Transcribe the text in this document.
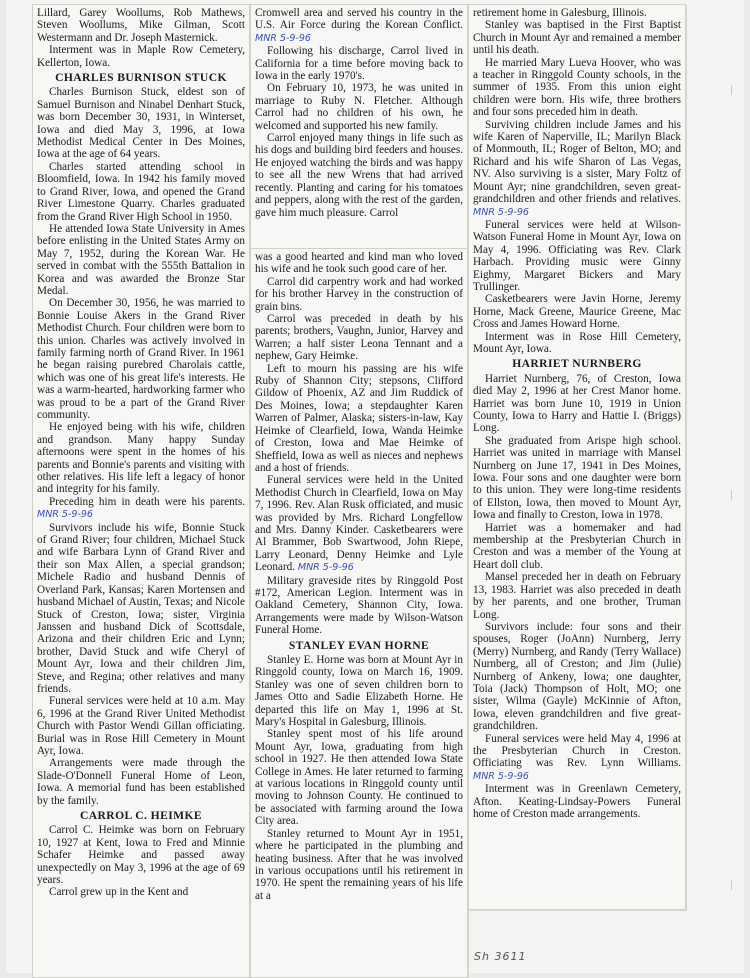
Lillard, Garey Woollums, Rob Mathews, Steven Woollums, Mike Gilman, Scott Westermann and Dr. Joseph Masternick.

Interment was in Maple Row Cemetery, Kellerton, Iowa.

CHARLES BURNISON STUCK

Charles Burnison Stuck, eldest son of Samuel Burnison and Ninabel Denhart Stuck, was born December 30, 1931, in Winterset, Iowa and died May 3, 1996, at Iowa Methodist Medical Center in Des Moines, Iowa at the age of 64 years.

Charles started attending school in Bloomfield, Iowa. In 1942 his family moved to Grand River, Iowa, and opened the Grand River Limestone Quarry. Charles graduated from the Grand River High School in 1950.

He attended Iowa State University in Ames before enlisting in the United States Army on May 7, 1952, during the Korean War. He served in combat with the 555th Battalion in Korea and was awarded the Bronze Star Medal.

On December 30, 1956, he was married to Bonnie Louise Akers in the Grand River Methodist Church. Four children were born to this union. Charles was actively involved in family farming north of Grand River. In 1961 he began raising purebred Charolais cattle, which was one of his great life's interests. He was a warm-hearted, hardworking farmer who was proud to be a part of the Grand River community.

He enjoyed being with his wife, children and grandson. Many happy Sunday afternoons were spent in the homes of his parents and Bonnie's parents and visiting with other relatives. His life left a legacy of honor and integrity for his family.

Preceding him in death were his parents. MNR 5-9-96

Survivors include his wife, Bonnie Stuck of Grand River; four children, Michael Stuck and wife Barbara Lynn of Grand River and their son Max Allen, a special grandson; Michele Radio and husband Dennis of Overland Park, Kansas; Karen Mortensen and husband Michael of Austin, Texas; and Nicole Stuck of Creston, Iowa; sister, Virginia Janssen and husband Dick of Scottsdale, Arizona and their children Eric and Lynn; brother, David Stuck and wife Cheryl of Mount Ayr, Iowa and their children Jim, Steve, and Regina; other relatives and many friends.

Funeral services were held at 10 a.m. May 6, 1996 at the Grand River United Methodist Church with Pastor Wendi Gillan officiating. Burial was in Rose Hill Cemetery in Mount Ayr, Iowa.

Arrangements were made through the Slade-O'Donnell Funeral Home of Leon, Iowa. A memorial fund has been established by the family.

CARROL C. HEIMKE

Carrol C. Heimke was born on February 10, 1927 at Kent, Iowa to Fred and Minnie Schafer Heimke and passed away unexpectedly on May 3, 1996 at the age of 69 years.

Carrol grew up in the Kent and

Cromwell area and served his country in the U.S. Air Force during the Korean Conflict. MNR 5-9-96

Following his discharge, Carrol lived in California for a time before moving back to Iowa in the early 1970's.

On February 10, 1973, he was united in marriage to Ruby N. Fletcher. Although Carrol had no children of his own, he welcomed and supported his new family.

Carrol enjoyed many things in life such as his dogs and building bird feeders and houses. He enjoyed watching the birds and was happy to see all the new Wrens that had arrived recently. Planting and caring for his tomatoes and peppers, along with the rest of the garden, gave him much pleasure. Carrol

was a good hearted and kind man who loved his wife and he took such good care of her.

Carrol did carpentry work and had worked for his brother Harvey in the construction of grain bins.

Carrol was preceded in death by his parents; brothers, Vaughn, Junior, Harvey and Warren; a half sister Leona Tennant and a nephew, Gary Heimke.

Left to mourn his passing are his wife Ruby of Shannon City; stepsons, Clifford Gildow of Phoenix, AZ and Jim Ruddick of Des Moines, Iowa; a stepdaughter Karen Warren of Palmer, Alaska; sisters-in-law, Kay Heimke of Clearfield, Iowa, Wanda Heimke of Creston, Iowa and Mae Heimke of Sheffield, Iowa as well as nieces and nephews and a host of friends.

Funeral services were held in the United Methodist Church in Clearfield, Iowa on May 7, 1996. Rev. Alan Rusk officiated, and music was provided by Mrs. Richard Longfellow and Mrs. Danny Kinder. Casketbearers were Al Brammer, Bob Swartwood, John Riepe, Larry Leonard, Denny Heimke and Lyle Leonard. MNR 5-9-96

Military graveside rites by Ringgold Post #172, American Legion. Interment was in Oakland Cemetery, Shannon City, Iowa. Arrangements were made by Wilson-Watson Funeral Home.

STANLEY EVAN HORNE

Stanley E. Horne was born at Mount Ayr in Ringgold county, Iowa on March 16, 1909. Stanley was one of seven children born to James Otto and Sadie Elizabeth Horne. He departed this life on May 1, 1996 at St. Mary's Hospital in Galesburg, Illinois.

Stanley spent most of his life around Mount Ayr, Iowa, graduating from high school in 1927. He then attended Iowa State College in Ames. He later returned to farming at various locations in Ringgold county until moving to Johnson County. He continued to be associated with farming around the Iowa City area.

Stanley returned to Mount Ayr in 1951, where he participated in the plumbing and heating business. After that he was involved in various occupations until his retirement in 1970. He spent the remaining years of his life at a

retirement home in Galesburg, Illinois.

Stanley was baptised in the First Baptist Church in Mount Ayr and remained a member until his death.

He married Mary Lueva Hoover, who was a teacher in Ringgold County schools, in the summer of 1935. From this union eight children were born. His wife, three brothers and four sons preceded him in death.

Surviving children include James and his wife Karen of Naperville, IL; Marilyn Black of Monmouth, IL; Roger of Belton, MO; and Richard and his wife Sharon of Las Vegas, NV. Also surviving is a sister, Mary Foltz of Mount Ayr; nine grandchildren, seven great-grandchildren and other friends and relatives. MNR 5-9-96

Funeral services were held at Wilson-Watson Funeral Home in Mount Ayr, Iowa on May 4, 1996. Officiating was Rev. Clark Harbach. Providing music were Ginny Eighmy, Margaret Bickers and Mary Trullinger.

Casketbearers were Javin Horne, Jeremy Horne, Mack Greene, Maurice Greene, Mac Cross and James Howard Horne.

Interment was in Rose Hill Cemetery, Mount Ayr, Iowa.

HARRIET NURNBERG

Harriet Nurnberg, 76, of Creston, Iowa died May 2, 1996 at her Crest Manor home. Harriet was born June 10, 1919 in Union County, Iowa to Harry and Hattie I. (Briggs) Long.

She graduated from Arispe high school. Harriet was united in marriage with Mansel Nurnberg on June 17, 1941 in Des Moines, Iowa. Four sons and one daughter were born to this union. They were long-time residents of Ellston, Iowa, then moved to Mount Ayr, Iowa and finally to Creston, Iowa in 1978.

Harriet was a homemaker and had membership at the Presbyterian Church in Creston and was a member of the Young at Heart doll club.

Mansel preceded her in death on February 13, 1983. Harriet was also preceded in death by her parents, and one brother, Truman Long.

Survivors include: four sons and their spouses, Roger (JoAnn) Nurnberg, Jerry (Merry) Nurnberg, and Randy (Terry Wallace) Nurnberg, all of Creston; and Jim (Julie) Nurnberg of Ankeny, Iowa; one daughter, Toia (Jack) Thompson of Holt, MO; one sister, Wilma (Gayle) McKinnie of Afton, Iowa, eleven grandchildren and five great-grandchildren.

Funeral services were held May 4, 1996 at the Presbyterian Church in Creston. Officiating was Rev. Lynn Williams. MNR 5-9-96

Interment was in Greenlawn Cemetery, Afton. Keating-Lindsay-Powers Funeral home of Creston made arrangements.

Sh 3611
